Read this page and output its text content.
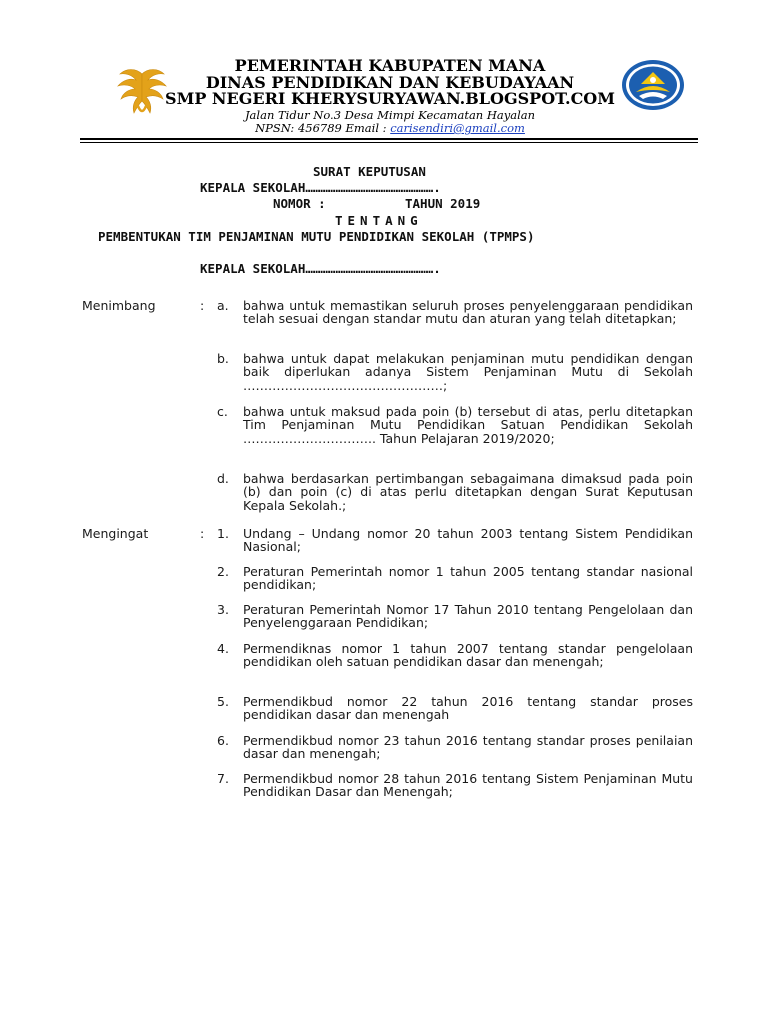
PEMERINTAH KABUPATEN MANA
DINAS PENDIDIKAN DAN KEBUDAYAAN
SMP NEGERI KHERYSURYAWAN.BLOGSPOT.COM
Jalan Tidur No.3 Desa Mimpi Kecamatan Hayalan
NPSN: 456789 Email : carisendiri@gmail.com
SURAT KEPUTUSAN
KEPALA SEKOLAH…………………………………………….
NOMOR :	TAHUN 2019
TENTANG
PEMBENTUKAN TIM PENJAMINAN MUTU PENDIDIKAN SEKOLAH (TPMPS)
KEPALA SEKOLAH…………………………………………….
Menimbang	: a. bahwa untuk memastikan seluruh proses penyelenggaraan pendidikan telah sesuai dengan standar mutu dan aturan yang telah ditetapkan;
b. bahwa untuk dapat melakukan penjaminan mutu pendidikan dengan baik diperlukan adanya Sistem Penjaminan Mutu di Sekolah …………………………………………;
c. bahwa untuk maksud pada poin (b) tersebut di atas, perlu ditetapkan Tim Penjaminan Mutu Pendidikan Satuan Pendidikan Sekolah ………………………….. Tahun Pelajaran 2019/2020;
d. bahwa berdasarkan pertimbangan sebagaimana dimaksud pada poin (b) dan poin (c) di atas perlu ditetapkan dengan Surat Keputusan Kepala Sekolah.;
Mengingat	: 1. Undang – Undang nomor 20 tahun 2003 tentang Sistem Pendidikan Nasional;
2. Peraturan Pemerintah nomor 1 tahun 2005 tentang standar nasional pendidikan;
3. Peraturan Pemerintah Nomor 17 Tahun 2010 tentang Pengelolaan dan Penyelenggaraan Pendidikan;
4. Permendiknas nomor 1 tahun 2007 tentang standar pengelolaan pendidikan oleh satuan pendidikan dasar dan menengah;
5. Permendikbud nomor 22 tahun 2016 tentang standar proses pendidikan dasar dan menengah
6. Permendikbud nomor 23 tahun 2016 tentang standar proses penilaian dasar dan menengah;
7. Permendikbud nomor 28 tahun 2016 tentang Sistem Penjaminan Mutu Pendidikan Dasar dan Menengah;
